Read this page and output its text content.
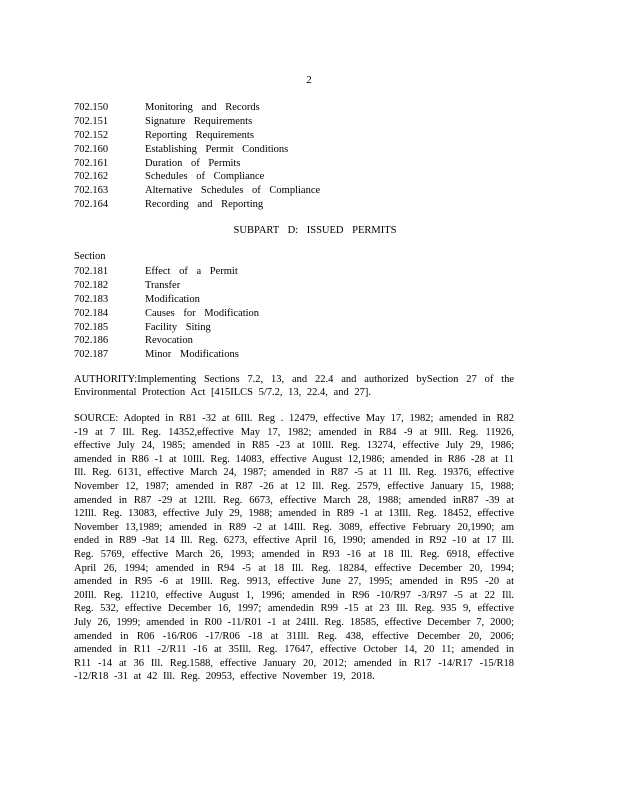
2
702.150	Monitoring and Records
702.151	Signature Requirements
702.152	Reporting Requirements
702.160	Establishing Permit Conditions
702.161	Duration of Permits
702.162	Schedules of Compliance
702.163	Alternative Schedules of Compliance
702.164	Recording and Reporting
SUBPART D: ISSUED PERMITS
Section
702.181	Effect of a Permit
702.182	Transfer
702.183	Modification
702.184	Causes for Modification
702.185	Facility Siting
702.186	Revocation
702.187	Minor Modifications
AUTHORITY:Implementing Sections 7.2, 13, and 22.4 and authorized bySection 27 of the Environmental Protection Act [415ILCS 5/7.2, 13, 22.4, and 27].
SOURCE: Adopted in R81 -32 at 6Ill. Reg . 12479, effective May 17, 1982; amended in R82 -19 at 7 Ill. Reg. 14352,effective May 17, 1982; amended in R84 -9 at 9Ill. Reg. 11926, effective July 24, 1985; amended in R85 -23 at 10Ill. Reg. 13274, effective July 29, 1986; amended in R86 -1 at 10Ill. Reg. 14083, effective August 12,1986; amended in R86 -28 at 11 Ill. Reg. 6131, effective March 24, 1987; amended in R87 -5 at 11 Ill. Reg. 19376, effective November 12, 1987; amended in R87 -26 at 12 Ill. Reg. 2579, effective January 15, 1988; amended in R87 -29 at 12Ill. Reg. 6673, effective March 28, 1988; amended inR87 -39 at 12Ill. Reg. 13083, effective July 29, 1988; amended in R89 -1 at 13Ill. Reg. 18452, effective November 13,1989; amended in R89 -2 at 14Ill. Reg. 3089, effective February 20,1990; am ended in R89 -9at 14 Ill. Reg. 6273, effective April 16, 1990; amended in R92 -10 at 17 Ill. Reg. 5769, effective March 26, 1993; amended in R93 -16 at 18 Ill. Reg. 6918, effective April 26, 1994; amended in R94 -5 at 18 Ill. Reg. 18284, effective December 20, 1994; amended in R95 -6 at 19Ill. Reg. 9913, effective June 27, 1995; amended in R95 -20 at 20Ill. Reg. 11210, effective August 1, 1996; amended in R96 -10/R97 -3/R97 -5 at 22 Ill. Reg. 532, effective December 16, 1997; amendedin R99 -15 at 23 Ill. Reg. 935 9, effective July 26, 1999; amended in R00 -11/R01 -1 at 24Ill. Reg. 18585, effective December 7, 2000; amended in R06 -16/R06 -17/R06 -18 at 31Ill. Reg. 438, effective December 20, 2006; amended in R11 -2/R11 -16 at 35Ill. Reg. 17647, effective October 14, 20 11; amended in R11 -14 at 36 Ill. Reg.1588, effective January 20, 2012; amended in R17 -14/R17 -15/R18 -12/R18 -31 at 42 Ill. Reg. 20953, effective November 19, 2018.
